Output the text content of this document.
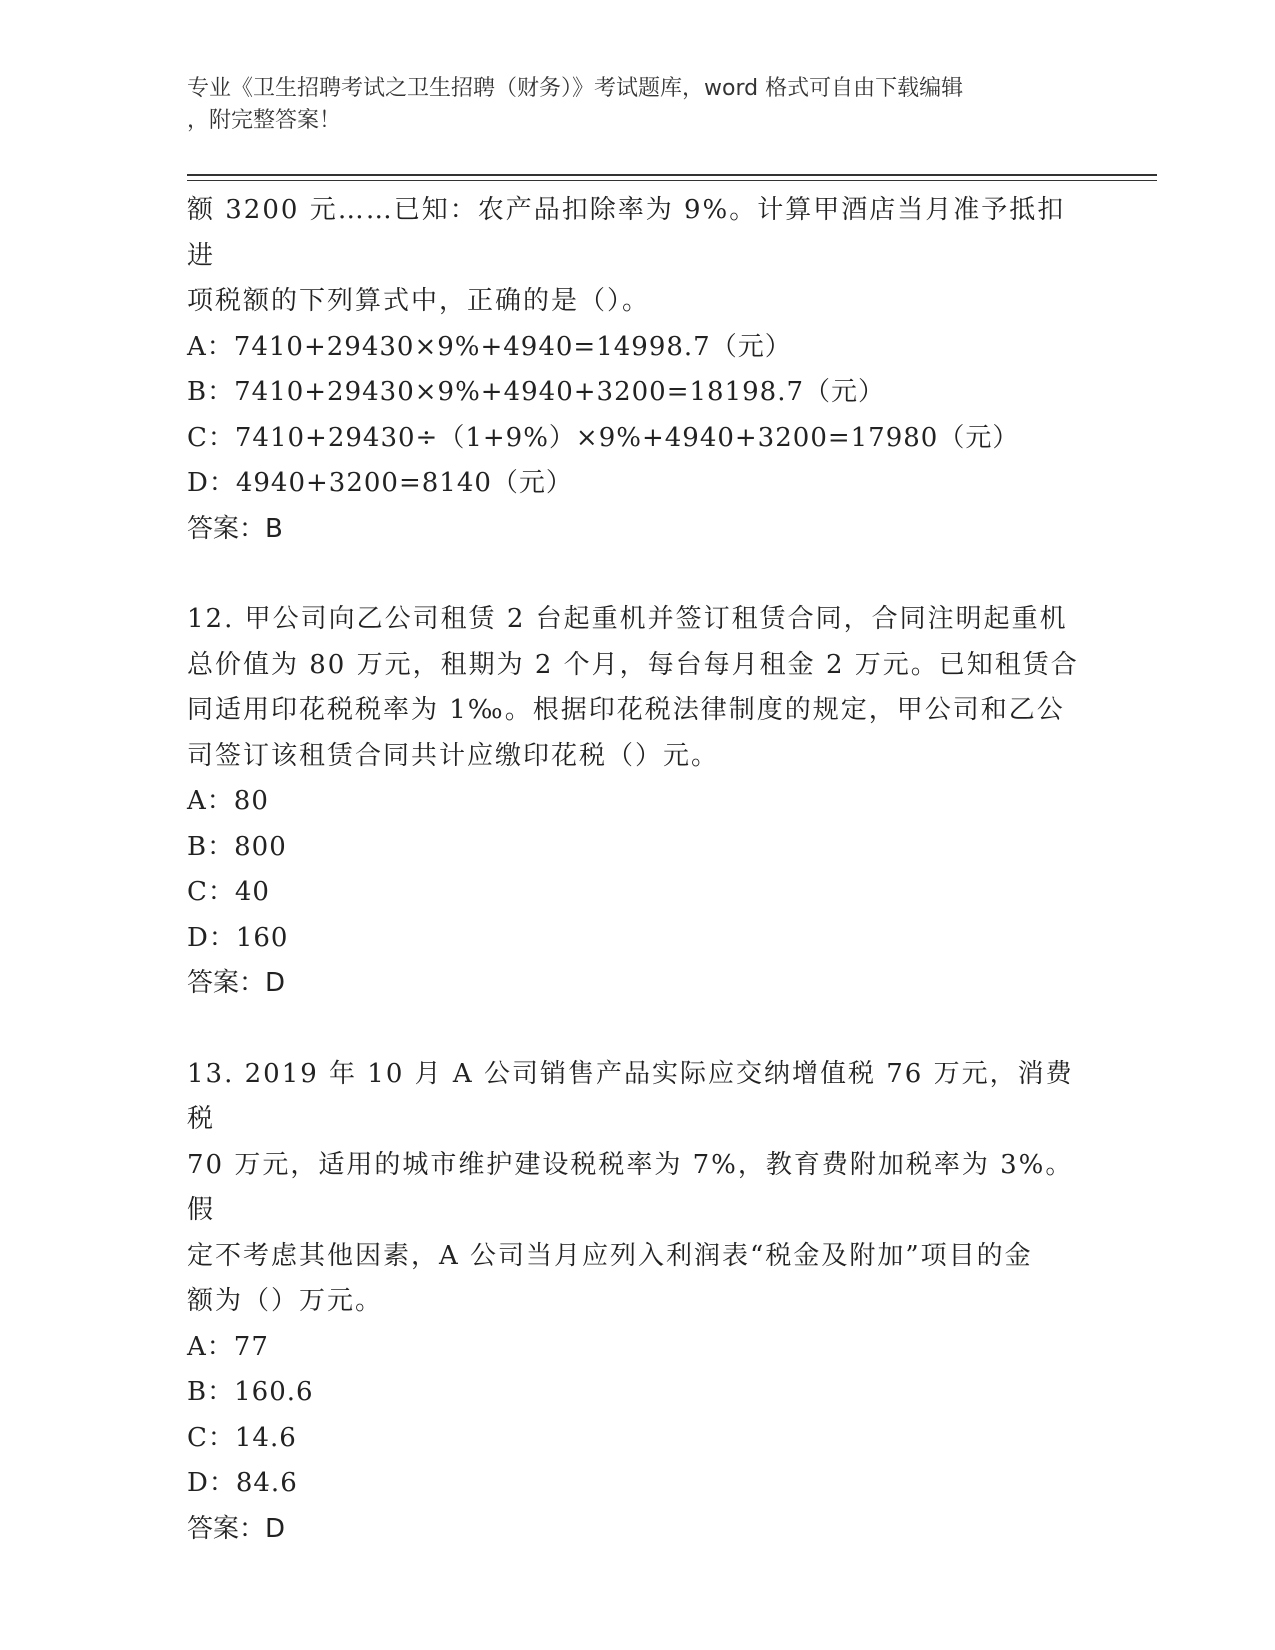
专业《卫生招聘考试之卫生招聘（财务）》考试题库，word 格式可自由下载编辑
，附完整答案！

额 3200 元……已知：农产品扣除率为 9%。计算甲酒店当月准予抵扣进

项税额的下列算式中，正确的是（）。

A：7410+29430×9%+4940=14998.7（元）

B：7410+29430×9%+4940+3200=18198.7（元）

C：7410+29430÷（1+9%）×9%+4940+3200=17980（元）

D：4940+3200=8140（元）

答案：B

12. 甲公司向乙公司租赁 2 台起重机并签订租赁合同，合同注明起重机

总价值为 80 万元，租期为 2 个月，每台每月租金 2 万元。已知租赁合

同适用印花税税率为 1‰。根据印花税法律制度的规定，甲公司和乙公

司签订该租赁合同共计应缴印花税（）元。

A：80

B：800

C：40

D：160

答案：D

13. 2019 年 10 月 A 公司销售产品实际应交纳增值税 76 万元，消费税

70 万元，适用的城市维护建设税税率为 7%，教育费附加税率为 3%。假

定不考虑其他因素，A 公司当月应列入利润表“税金及附加”项目的金

额为（）万元。

A：77

B：160.6

C：14.6

D：84.6

答案：D
